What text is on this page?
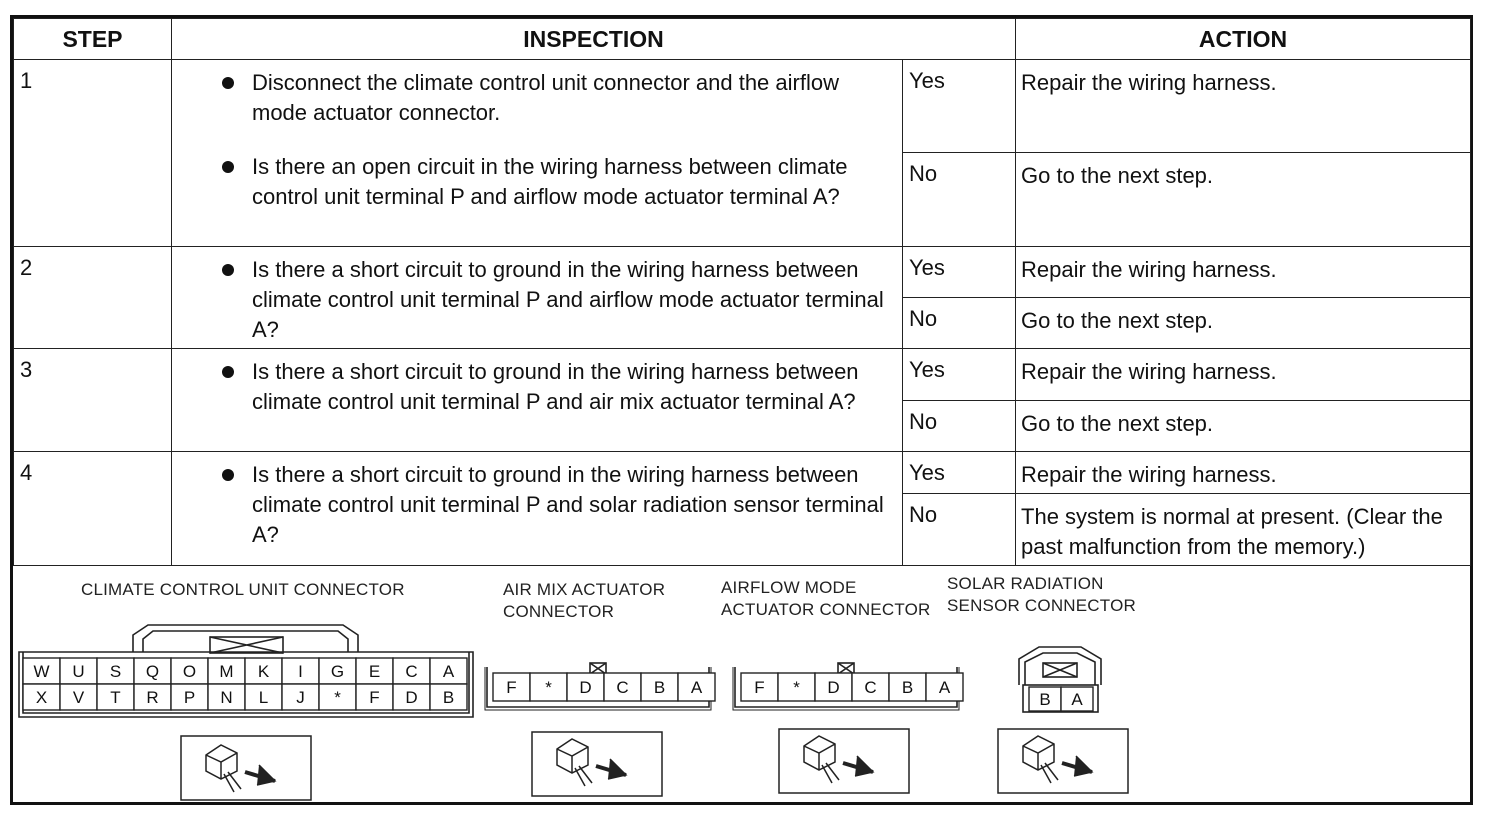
STEP	INSPECTION		ACTION
1	Disconnect the climate control unit connector and the airflow mode actuator connector.
Is there an open circuit in the wiring harness between climate control unit terminal P and airflow mode actuator terminal A?	Yes	Repair the wiring harness.
		No	Go to the next step.
2	Is there a short circuit to ground in the wiring harness between climate control unit terminal P and airflow mode actuator terminal A?	Yes	Repair the wiring harness.
		No	Go to the next step.
3	Is there a short circuit to ground in the wiring harness between climate control unit terminal P and air mix actuator terminal A?	Yes	Repair the wiring harness.
		No	Go to the next step.
4	Is there a short circuit to ground in the wiring harness between climate control unit terminal P and solar radiation sensor terminal A?	Yes	Repair the wiring harness.
		No	The system is normal at present. (Clear the past malfunction from the memory.)
CLIMATE CONTROL UNIT CONNECTOR	AIR MIX ACTUATOR
CONNECTOR
AIRFLOW MODE
ACTUATOR CONNECTOR
SOLAR RADIATION
SENSOR CONNECTOR
W U S Q O M K I G E C A
X V T R P N L J * F D B
F * D C B A	F * D C B A
B A
